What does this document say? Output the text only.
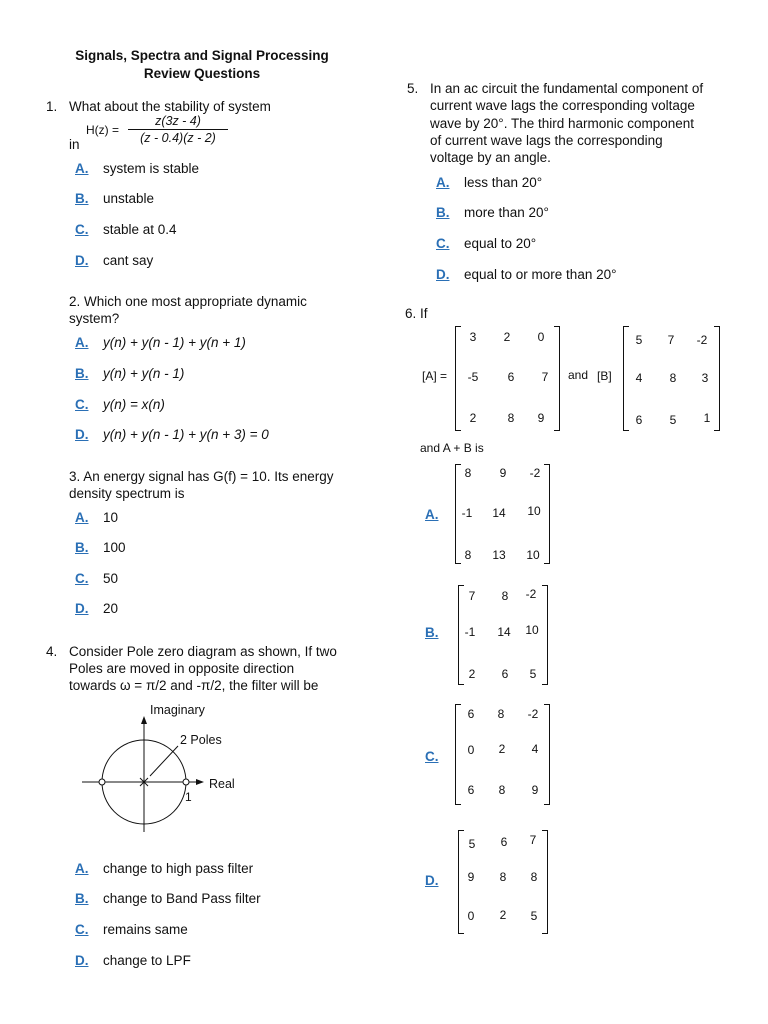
Signals, Spectra and Signal Processing
Review Questions
1. What about the stability of system
in
$H(z) = \frac{z(3z - 4)}{(z - 0.4)(z - 2)}$
A. system is stable
B. unstable
C. stable at 0.4
D. cant say
2. Which one most appropriate dynamic
system?
A. y(n) + y(n - 1) + y(n + 1)
B. y(n) + y(n - 1)
C. y(n) = x(n)
D. y(n) + y(n - 1) + y(n + 3) = 0
3. An energy signal has G(f) = 10. Its energy
density spectrum is
A. 10
B. 100
C. 50
D. 20
4. Consider Pole zero diagram as shown, If two
Poles are moved in opposite direction
towards ω = π/2 and -π/2, the filter will be
Imaginary
2 Poles
Real
1
A. change to high pass filter
B. change to Band Pass filter
C. remains same
D. change to LPF
5. In an ac circuit the fundamental component of
current wave lags the corresponding voltage
wave by 20°. The third harmonic component
of current wave lags the corresponding
voltage by an angle.
A. less than 20°
B. more than 20°
C. equal to 20°
D. equal to or more than 20°
6. If
[A] =
3	2	0
-5	6	7
2	8	9
and [B]
5	7	-2
4	8	3
6	5	1
and A + B is
A.
8	9	-2
-1	14	10
8	13	10
B.
7	8	-2
-1	14	10
2	6	5
C.
6	8	-2
0	2	4
6	8	9
D.
5	6	7
9	8	8
0	2	5
